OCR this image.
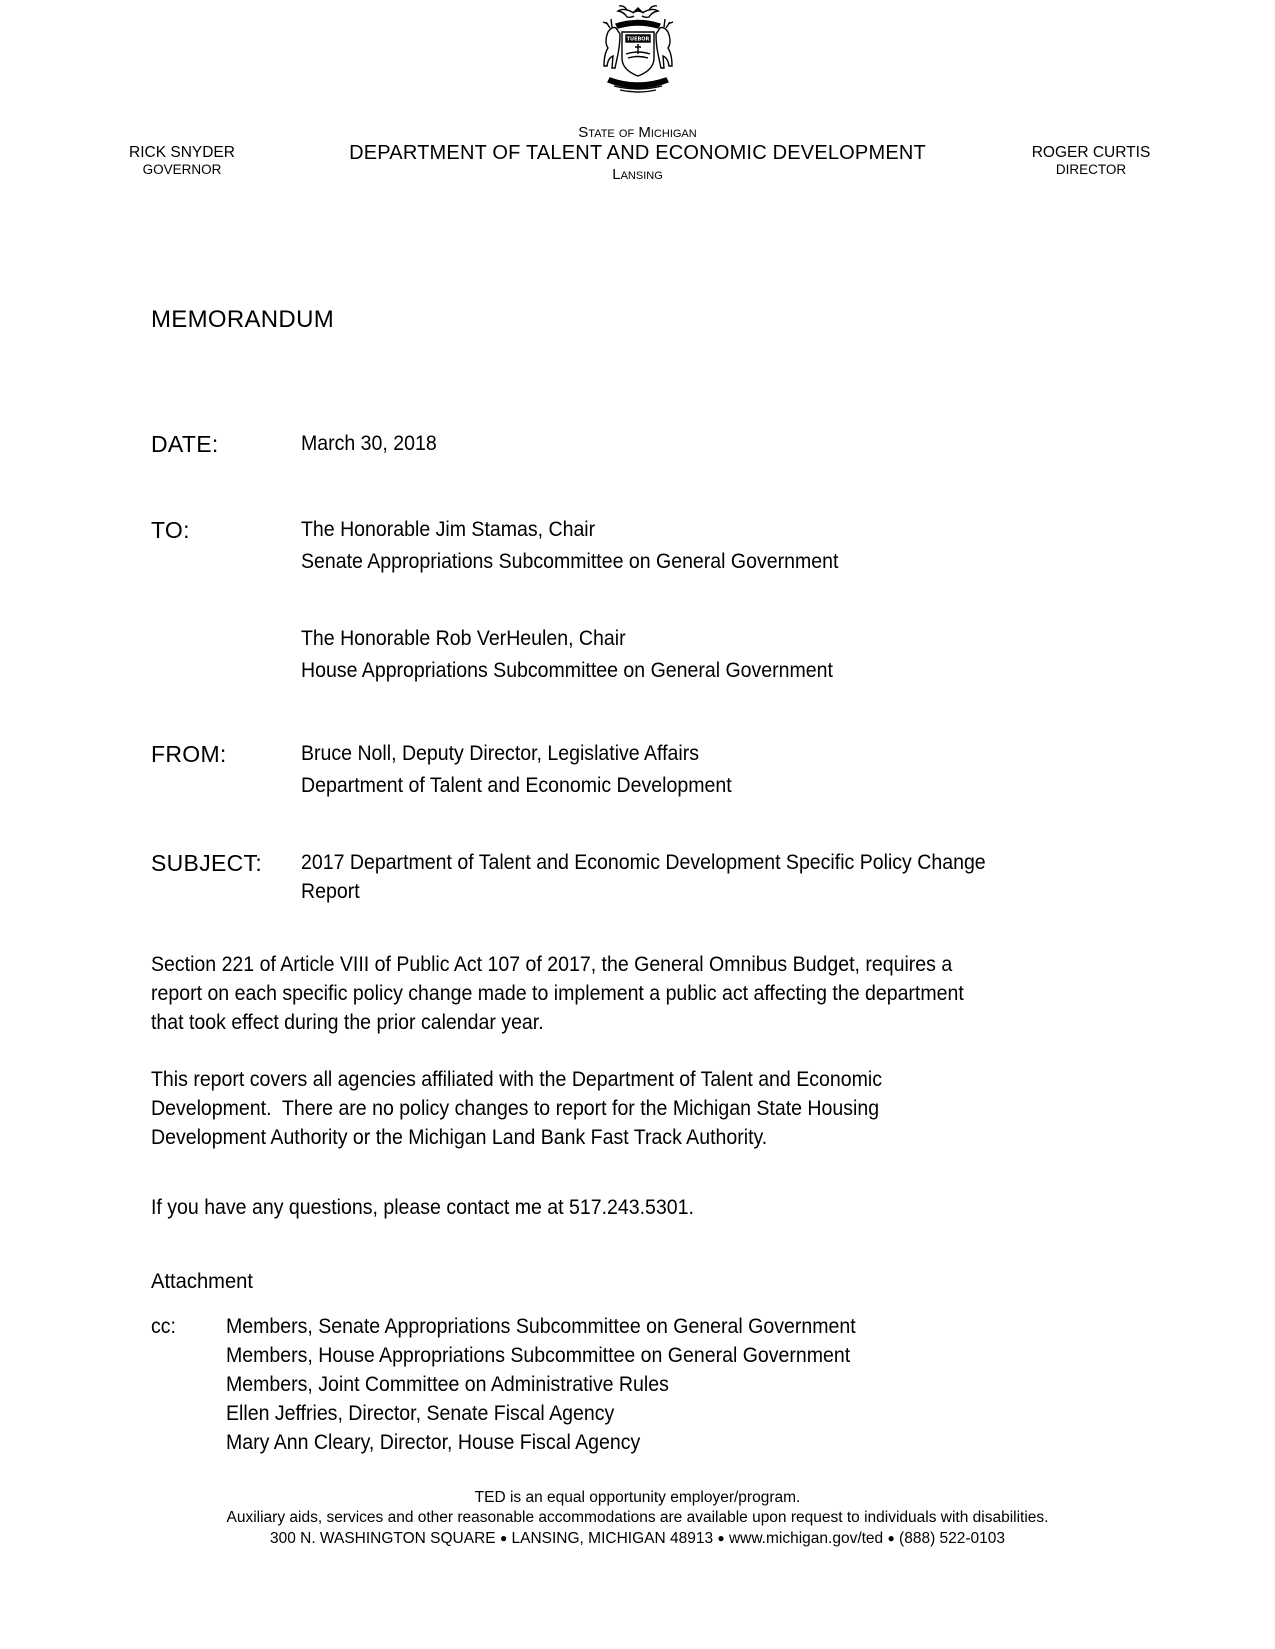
TUEBOR
RICK SNYDER
GOVERNOR
State of Michigan
DEPARTMENT OF TALENT AND ECONOMIC DEVELOPMENT
Lansing
ROGER CURTIS
DIRECTOR
MEMORANDUM
DATE:	March 30, 2018
TO:	The Honorable Jim Stamas, Chair
Senate Appropriations Subcommittee on General Government
The Honorable Rob VerHeulen, Chair
House Appropriations Subcommittee on General Government
FROM:	Bruce Noll, Deputy Director, Legislative Affairs
Department of Talent and Economic Development
SUBJECT: 2017 Department of Talent and Economic Development Specific Policy Change
Report
Section 221 of Article VIII of Public Act 107 of 2017, the General Omnibus Budget, requires a
report on each specific policy change made to implement a public act affecting the department
that took effect during the prior calendar year.
This report covers all agencies affiliated with the Department of Talent and Economic
Development.  There are no policy changes to report for the Michigan State Housing
Development Authority or the Michigan Land Bank Fast Track Authority.
If you have any questions, please contact me at 517.243.5301.
Attachment
cc: Members, Senate Appropriations Subcommittee on General Government
Members, House Appropriations Subcommittee on General Government
Members, Joint Committee on Administrative Rules
Ellen Jeffries, Director, Senate Fiscal Agency
Mary Ann Cleary, Director, House Fiscal Agency
TED is an equal opportunity employer/program.
Auxiliary aids, services and other reasonable accommodations are available upon request to individuals with disabilities.
300 N. WASHINGTON SQUARE ● LANSING, MICHIGAN 48913 ● www.michigan.gov/ted ● (888) 522-0103
